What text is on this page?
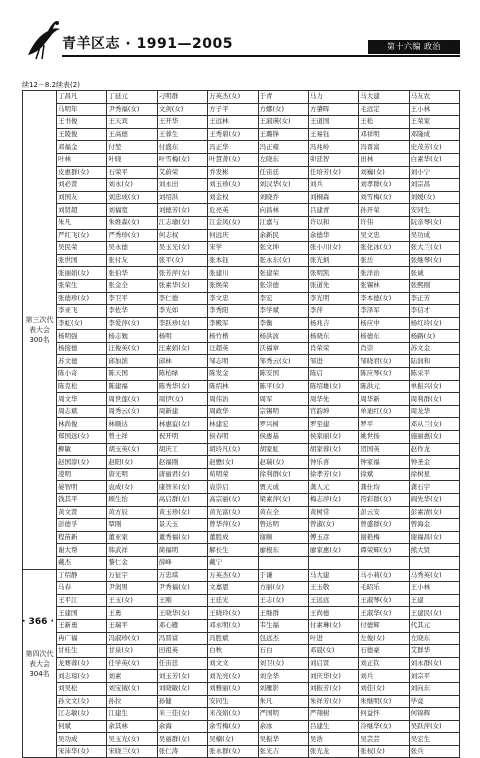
青羊区志 · 1991—2005	第十六编 政治
续12－8.2续表(2)
第三次代表大会300名	丁昌凡	丁延元	刁明群	万英杰(女)	于青	马力	马大建	马友农
	马明年	尹秀福(女)	文剑(女)	方子平	方娜(女)	方肇晖	毛远定	王小林
	王书俊	王天宾	王开华	王远林	王淑瑛(女)	王道国	王松	王荣家
	王陵俊	王高德	王蓉生	王秀碧(女)	王璐锋	王易钰	邓祥明	邓隆成
	邓福金	付堃	付盛东	冯正华	冯正雍	冯兆岭	冯晋富	史茂芳(女)
	叶林	叶晓	叶雪梅(女)	叶慧菁(女)	左晓东	卯廷智	田林	白素华(女)
	皮惠群(女)	石荣平	艾蔚荣	乔发彬	任宙廷	任培芳(女)	刘巍(女)	刘小宁
	刘必贤	刘永(女)	刘永田	刘玉珍(女)	刘汉华(女)	刘兵	刘孝群(女)	刘宗昌
	刘国友	刘忠成(女)	刘绍洪	刘金权	刘晓乔	刘桐森	刘雪梅(女)	刘媛(女)
	刘贤超	刘福宽	刘德芳(女)	危亮英	向昌林	吕建青	孙开荣	安同生
	朱凡	朱维森(女)	江志瑜(女)	江金凤(女)	江嘉与	许以和	许伟	阮亲琴(女)
	严红飞(女)	严秀珍(女)	何志权	何远庆	余新民	余德华	吴文忠	吴功成
	吴民荣	吴永德	吴玉光(女)	宋学	张文坤	张小川(女)	张化冰(女)	张大兰(女)
	张世国	张付友	张平(女)	张本钰	张永东(女)	张光炳	张岳	张继琴(女)
	张丽娟(女)	张伯华	张芳萍(女)	张建川	张建荣	张明凯	张洋治	张诚
	张荣生	张金全	张素华(女)	张焕荣	张崇德	张道先	张锡林	张熙刚
	张德珍(女)	李卫平	李仁德	李文忠	李宏	李光明	李本德(女)	李正芳
	李亚飞	李佐华	李光如	李秀阳	李学斌	李萍	李泽军	李信才
	李虹(女)	李爱萍(女)	李跃珍(女)	李殿军	李衡	杨兆吉	杨应中	杨红玲(女)
	杨明强	杨志勉	杨明	杨竹楷	杨洪波	杨晓东	杨德东	杨路(女)
	杨接德	汪俊英(女)	汪素娟(女)	汪超英	沃福章	肖荣荣	肖崇	苏文金
	苏文德	邱加滨	邱林	邹志明	邹秀云(女)	邹进	邹晓君(女)	陆润和
	陈小奇	陈天国	陈柏绿	陈发金	陈安国	陈启	陈应琴(女)	陈采平
	陈克松	陈建福	陈秀华(女)	陈绍林	陈平(女)	陈绍雄(女)	陈洪元	单振兴(女)
	周文华	周世莲(女)	周伊(女)	周伟治	周军	周华先	周华新	周利群(女)
	周志斌	周秀云(女)	周新建	周政华	宗锡明	官韵坤	单迪红(女)	周龙华
	林尚俊	林顺达	林惠谊(女)	林建宏	罗兴树	罗至建	罗平	邓从兰(女)
	郑国远(女)	曾士祥	祝开明	侯春明	侯惠基	侯家丽(女)	姚世扬	施丽惠(女)
	柳敏	胡玉英(女)	胡庆工	胡玲凡(女)	胡家虹	胡家蓉(女)	贺国英	赵作龙
	赵国淳(女)	赵阳(女)	赵福刚	赵懋(女)	赵瑞(女)	钟乐喜	钟家福	钟圣金
	凌明	唐光明	唐丽君(女)	荀明荣	徐利群(女)	徐孝芳(女)	徐斌	徐树星
	晏智明	袁成(女)	康智米(女)	袁崇启	贾天成	龚人元	龚仕均	龚石宇
	钱其平	顾生怡	高启群(女)	高宗丽(女)	梁素萍(女)	梅志萍(女)	符彩群(女)	阎先华(女)
	黄文贤	黄方辰	黄玉珍(女)	黄光富(女)	黄在全	黄树常	彭云安	彭素清(女)
	彭德孚	覃刚	景天玉	曾华萍(女)	曾达明	曾淑(女)	曾盛群(女)	曾海金
	程苗新	董亚家	董秀福(女)	董胜成	谢顺	傅玉彦	谢艳梅	谢福昌(女)
	谢大帮	韩武祥	简福明	解长生	廖根东	廖家惠(女)	谭荣辉(女)	熊大贤
	戴杰	黎仁金	薛峰	戴宁				
第四次代表大会304名	丁绍静	万征宇	万忠琪	万英杰(女)	于谦	马大建	马小莉(女)	马秀英(女)
	马春	尹润男	尹秀福(女)	文嘉恩	方丽(女)	王玉敬	毛昭乐	王小林
	王平江	王玉(女)	王刚	王廷光	王志(女)	王远远	王淑琴(女)	王建
	王建国	王勇	王晓华(女)	王晓玲(女)	王继群	王尚德	王淑华(女)	王建民(女)
	王新勇	王瑞平	邓心雁	邓永明(女)	韦生福	付素琳(女)	付德辉	代其元
	冉广福	冯淑珍(女)	冯晋富	冯胜斌	包远杰	叶进	左俊(女)	左晓东
	甘桂生	甘泉(女)	田祖英	白秋	石白	邓晨(女)	石德豪	艾群华
	龙赛蓉(女)	任学英(女)	任宙廷	刘文文	刘卫(女)	刘启贤	刘正钦	刘永群(女)
	刘志琼(女)	刘素	刘玉芳(女)	刘光亮(女)	刘全华	刘庆华(女)	刘兵	刘宗平
	刘吴松	刘宝钺(女)	刘晓敏(女)	刘雅丽(女)	刘雁影	刘振芳(女)	刘佳(女)	刘向东
	孙文文(女)	孙拉	孙健	安同生	朱凡	朱祥芳(女)	朱继明(女)	毕竟
	江志敏(女)	江建生	米三佳(女)	米茂娟(女)	严国明	严翔树	何益怀	何锦辉
	何斌	余其林	余海	余雪梅(女)	余冰	吕建生	冷继华(女)	吴跃萍(女)
	吴功成	吴玉光(女)	吴丽群(女)	吴楠(女)	吴振华	吴浩	吴芸芸	吴宏生
	宋沛华(女)	宋晓兰(女)	张仁涛	张永群(女)	张光吉	张光龙	张权(女)	张兵
· 366 ·
